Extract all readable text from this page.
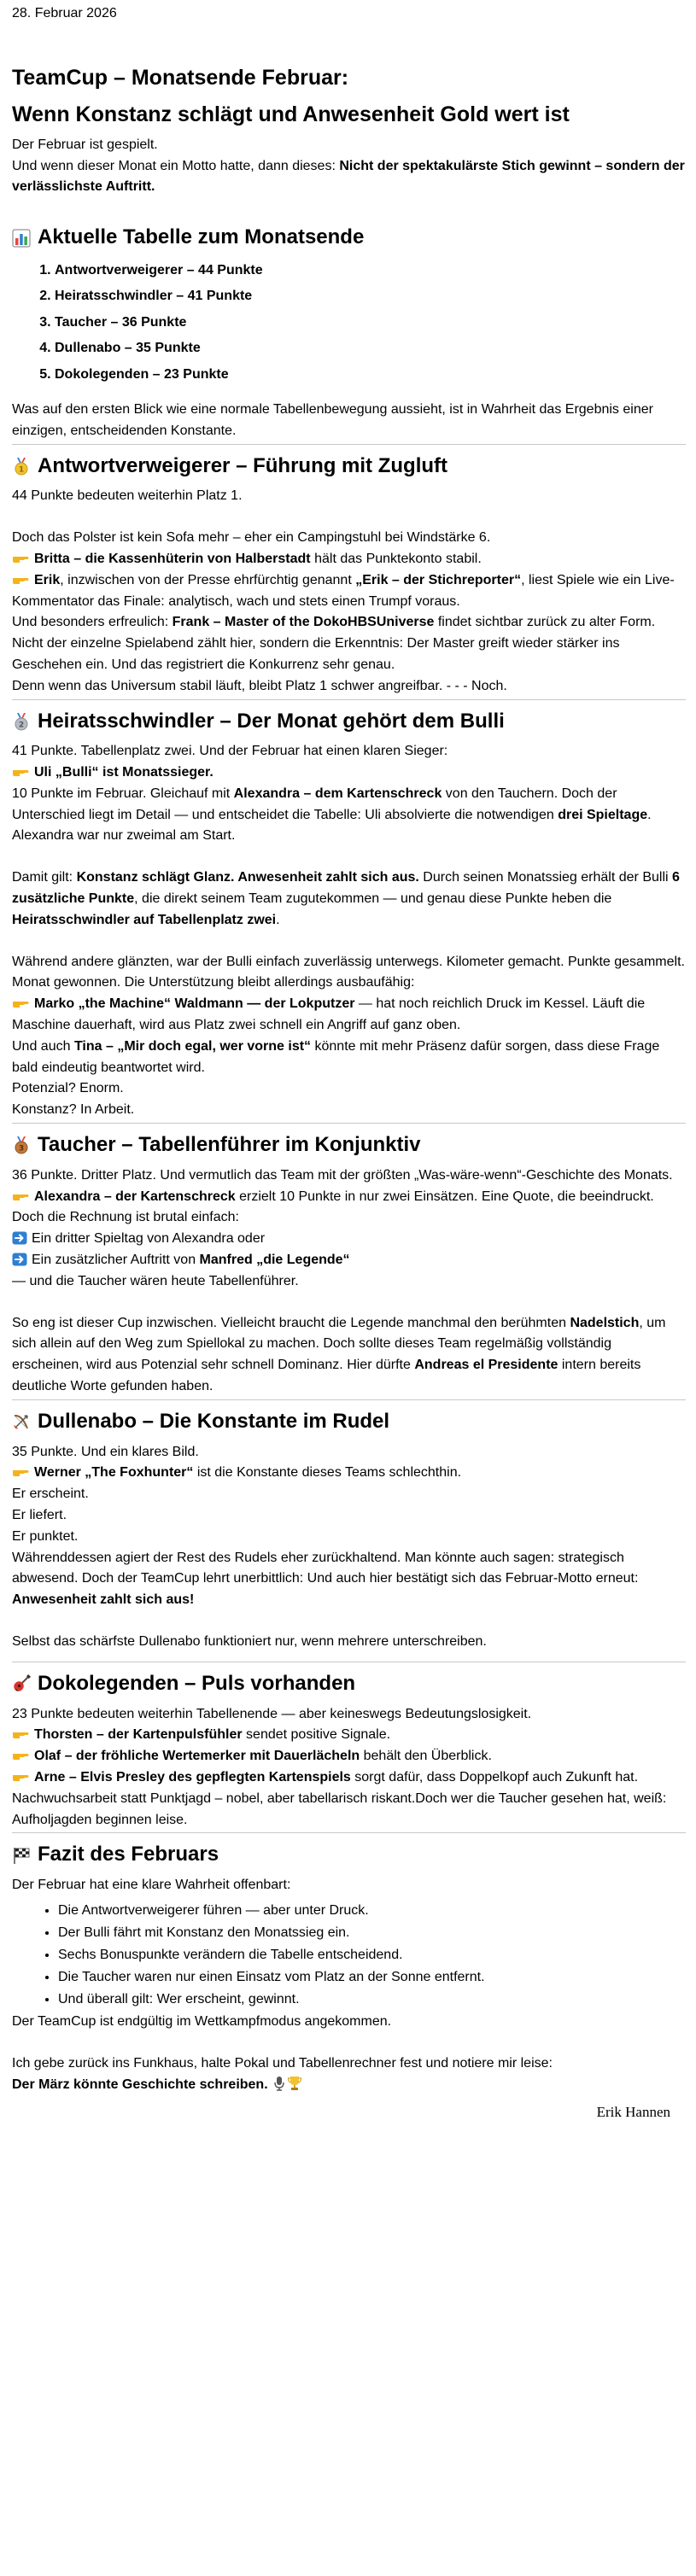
28. Februar 2026

TeamCup – Monatsende Februar:
Wenn Konstanz schlägt und Anwesenheit Gold wert ist

Der Februar ist gespielt.

Und wenn dieser Monat ein Motto hatte, dann dieses: Nicht der spektakulärste Stich gewinnt – sondern der verlässlichste Auftritt.

Aktuelle Tabelle zum Monatsende
1. Antwortverweigerer – 44 Punkte
2. Heiratsschwindler – 41 Punkte
3. Taucher – 36 Punkte
4. Dullenabo – 35 Punkte
5. Dokolegenden – 23 Punkte

Was auf den ersten Blick wie eine normale Tabellenbewegung aussieht, ist in Wahrheit das Ergebnis einer einzigen, entscheidenden Konstante.

1 Antwortverweigerer – Führung mit Zugluft

44 Punkte bedeuten weiterhin Platz 1.

Doch das Polster ist kein Sofa mehr – eher ein Campingstuhl bei Windstärke 6.

Britta – die Kassenhüterin von Halberstadt hält das Punktekonto stabil.

Erik, inzwischen von der Presse ehrfürchtig genannt „Erik – der Stichreporter“, liest Spiele wie ein Live-Kommentator das Finale: analytisch, wach und stets einen Trumpf voraus.

Und besonders erfreulich: Frank – Master of the DokoHBSUniverse findet sichtbar zurück zu alter Form. Nicht der einzelne Spielabend zählt hier, sondern die Erkenntnis: Der Master greift wieder stärker ins Geschehen ein. Und das registriert die Konkurrenz sehr genau.

Denn wenn das Universum stabil läuft, bleibt Platz 1 schwer angreifbar. - - - Noch.

2 Heiratsschwindler – Der Monat gehört dem Bulli

41 Punkte. Tabellenplatz zwei. Und der Februar hat einen klaren Sieger:

Uli „Bulli“ ist Monatssieger.

10 Punkte im Februar. Gleichauf mit Alexandra – dem Kartenschreck von den Tauchern. Doch der Unterschied liegt im Detail — und entscheidet die Tabelle: Uli absolvierte die notwendigen drei Spieltage. Alexandra war nur zweimal am Start.

Damit gilt: Konstanz schlägt Glanz. Anwesenheit zahlt sich aus. Durch seinen Monatssieg erhält der Bulli 6 zusätzliche Punkte, die direkt seinem Team zugutekommen — und genau diese Punkte heben die Heiratsschwindler auf Tabellenplatz zwei.

Während andere glänzten, war der Bulli einfach zuverlässig unterwegs. Kilometer gemacht. Punkte gesammelt. Monat gewonnen. Die Unterstützung bleibt allerdings ausbaufähig:

Marko „the Machine“ Waldmann — der Lokputzer — hat noch reichlich Druck im Kessel. Läuft die Maschine dauerhaft, wird aus Platz zwei schnell ein Angriff auf ganz oben.

Und auch Tina – „Mir doch egal, wer vorne ist“ könnte mit mehr Präsenz dafür sorgen, dass diese Frage bald eindeutig beantwortet wird.

Potenzial? Enorm.

Konstanz? In Arbeit.

3 Taucher – Tabellenführer im Konjunktiv

36 Punkte. Dritter Platz. Und vermutlich das Team mit der größten „Was-wäre-wenn“-Geschichte des Monats.

Alexandra – der Kartenschreck erzielt 10 Punkte in nur zwei Einsätzen. Eine Quote, die beeindruckt. Doch die Rechnung ist brutal einfach:

Ein dritter Spieltag von Alexandra oder

Ein zusätzlicher Auftritt von Manfred „die Legende“

— und die Taucher wären heute Tabellenführer.

So eng ist dieser Cup inzwischen. Vielleicht braucht die Legende manchmal den berühmten Nadelstich, um sich allein auf den Weg zum Spiellokal zu machen. Doch sollte dieses Team regelmäßig vollständig erscheinen, wird aus Potenzial sehr schnell Dominanz. Hier dürfte Andreas el Presidente intern bereits deutliche Worte gefunden haben.

Dullenabo – Die Konstante im Rudel

35 Punkte. Und ein klares Bild.

Werner „The Foxhunter“ ist die Konstante dieses Teams schlechthin.

Er erscheint.

Er liefert.

Er punktet.

Währenddessen agiert der Rest des Rudels eher zurückhaltend. Man könnte auch sagen: strategisch abwesend. Doch der TeamCup lehrt unerbittlich: Und auch hier bestätigt sich das Februar-Motto erneut: Anwesenheit zahlt sich aus!

Selbst das schärfste Dullenabo funktioniert nur, wenn mehrere unterschreiben.

Dokolegenden – Puls vorhanden

23 Punkte bedeuten weiterhin Tabellenende — aber keineswegs Bedeutungslosigkeit.

Thorsten – der Kartenpulsfühler sendet positive Signale.

Olaf – der fröhliche Wertemerker mit Dauerlächeln behält den Überblick.

Arne – Elvis Presley des gepflegten Kartenspiels sorgt dafür, dass Doppelkopf auch Zukunft hat.

Nachwuchsarbeit statt Punktjagd – nobel, aber tabellarisch riskant.Doch wer die Taucher gesehen hat, weiß: Aufholjagden beginnen leise.

Fazit des Februars

Der Februar hat eine klare Wahrheit offenbart:

• Die Antwortverweigerer führen — aber unter Druck.
• Der Bulli fährt mit Konstanz den Monatssieg ein.
• Sechs Bonuspunkte verändern die Tabelle entscheidend.
• Die Taucher waren nur einen Einsatz vom Platz an der Sonne entfernt.
• Und überall gilt: Wer erscheint, gewinnt.

Der TeamCup ist endgültig im Wettkampfmodus angekommen.

Ich gebe zurück ins Funkhaus, halte Pokal und Tabellenrechner fest und notiere mir leise:

Der März könnte Geschichte schreiben.

Erik Hannen
